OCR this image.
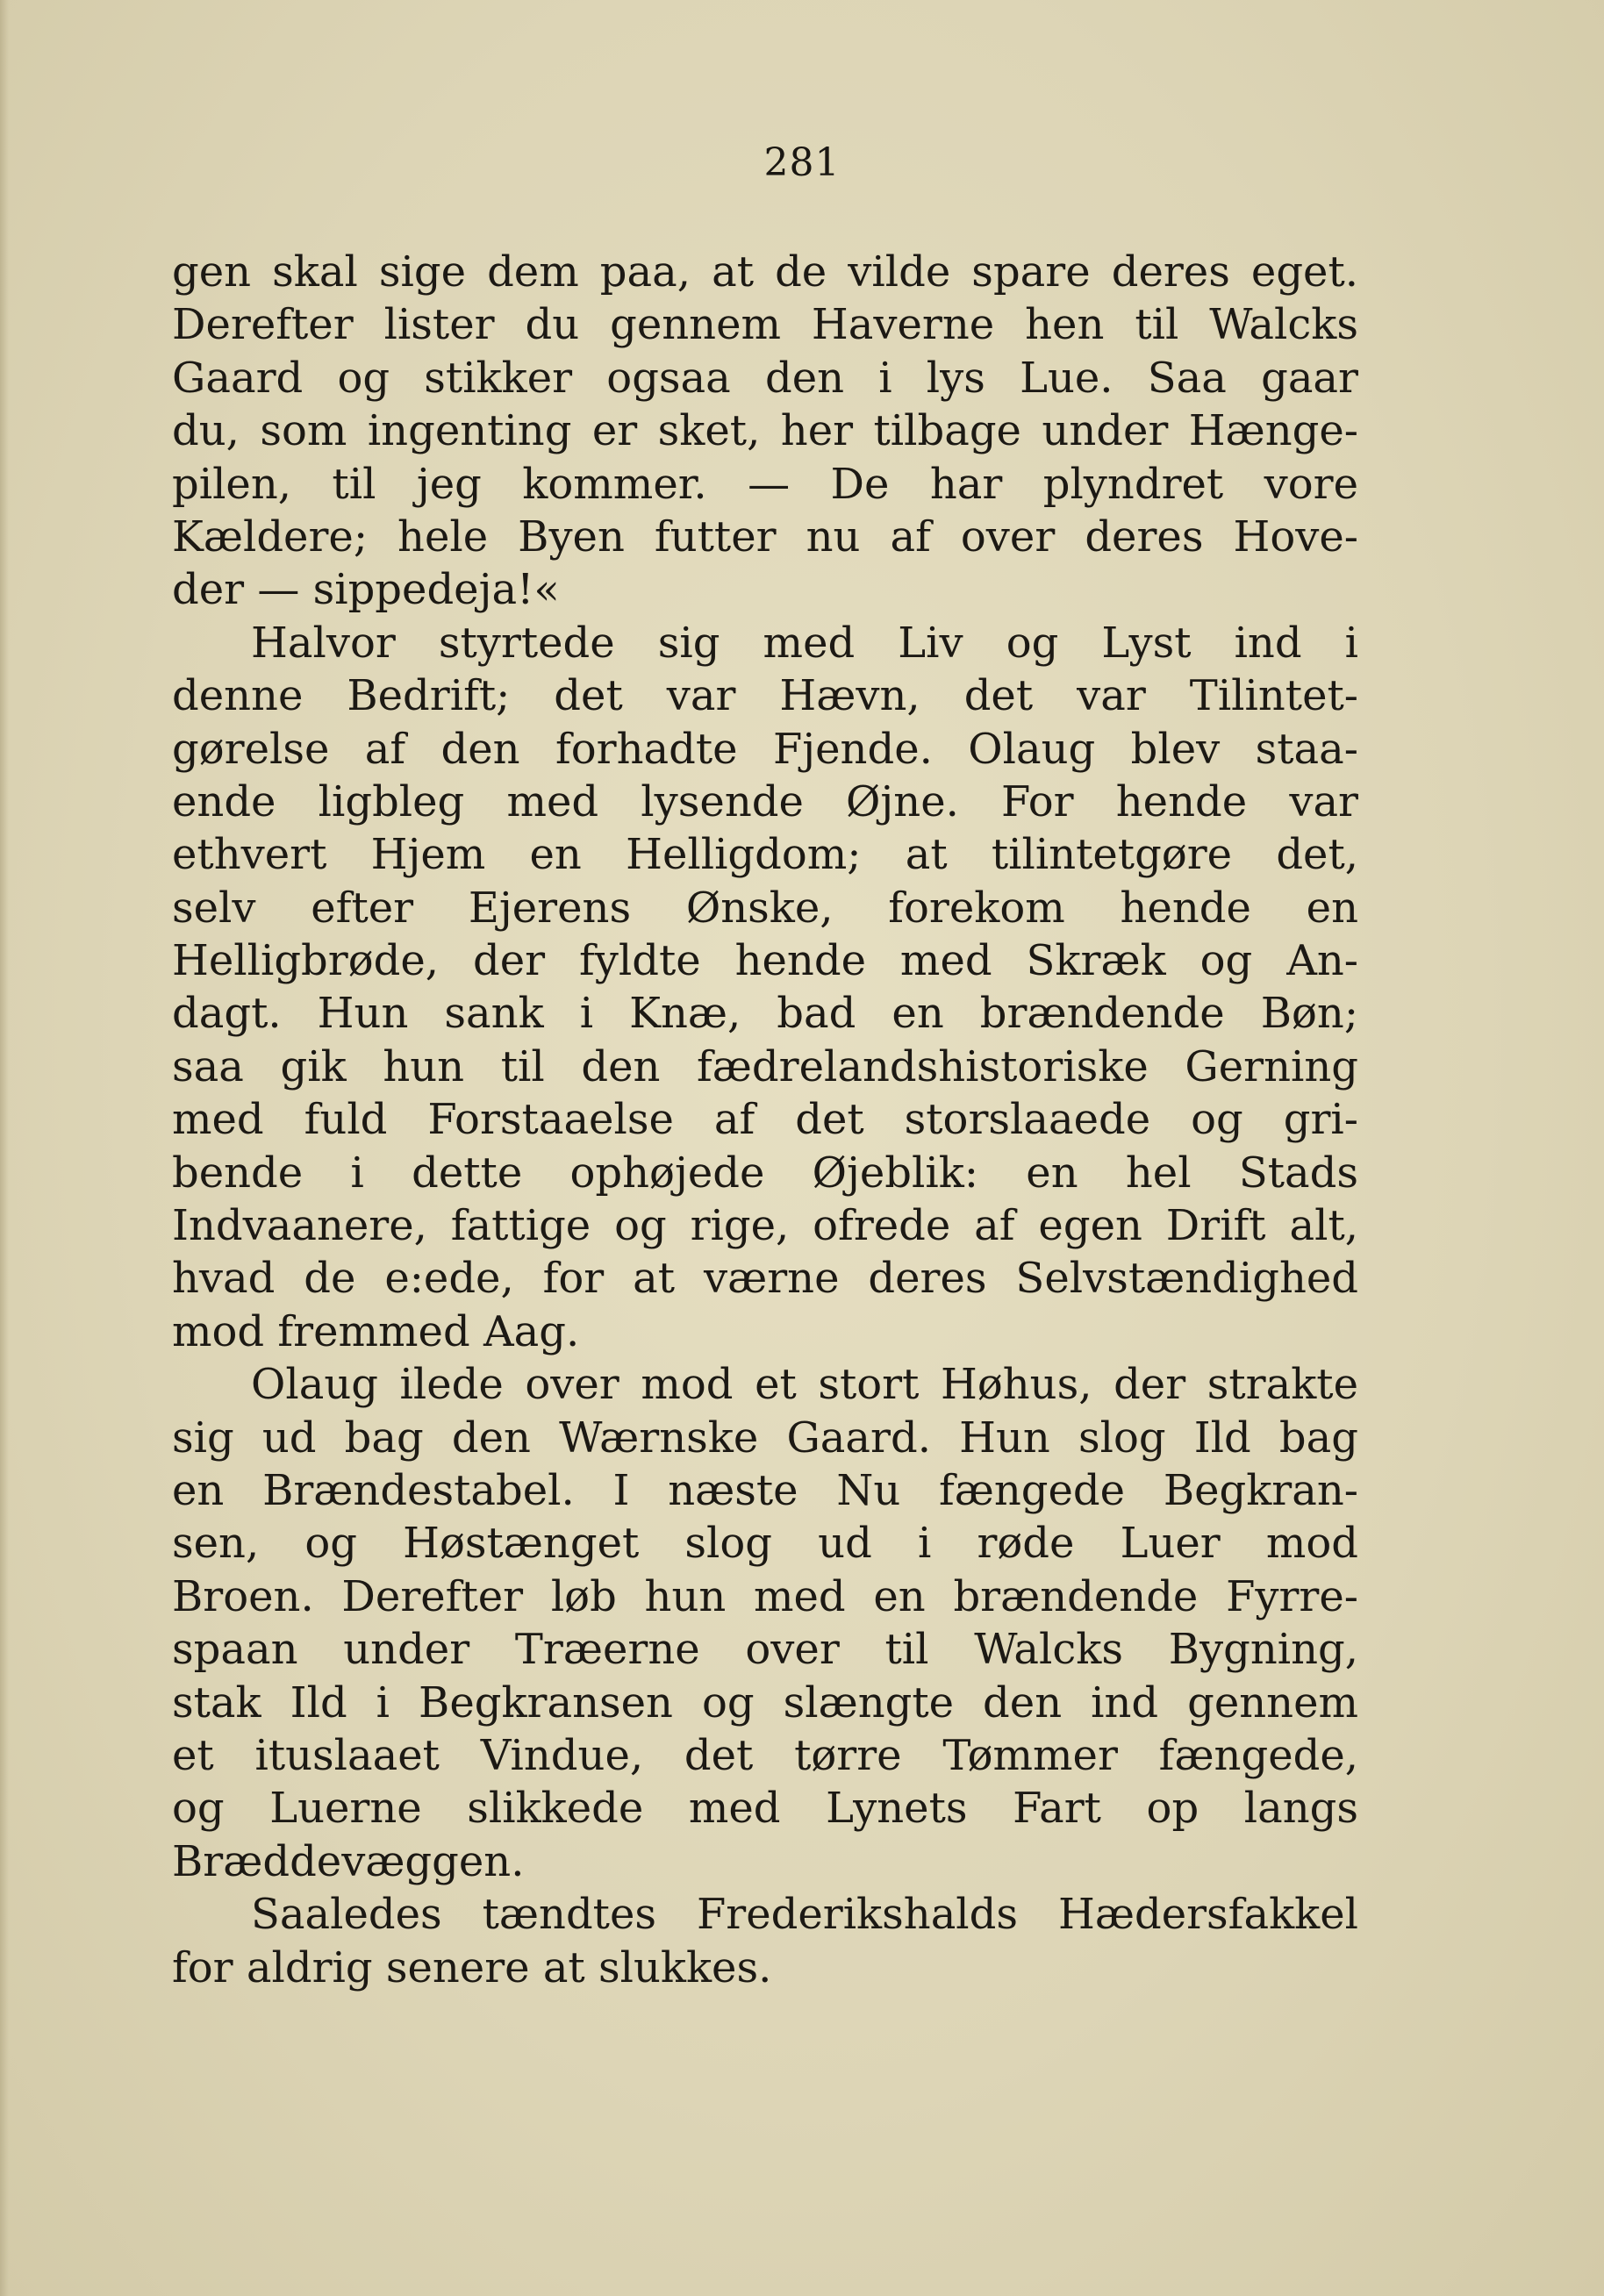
281
gen skal sige dem paa, at de vilde spare deres eget.
Derefter lister du gennem Haverne hen til Walcks
Gaard og stikker ogsaa den i lys Lue. Saa gaar
du, som ingenting er sket, her tilbage under Hænge-
pilen, til jeg kommer. — De har plyndret vore
Kældere; hele Byen futter nu af over deres Hove-
der — sippedeja!«
Halvor styrtede sig med Liv og Lyst ind i
denne Bedrift; det var Hævn, det var Tilintet-
gørelse af den forhadte Fjende. Olaug blev staa-
ende ligbleg med lysende Øjne. For hende var
ethvert Hjem en Helligdom; at tilintetgøre det,
selv efter Ejerens Ønske, forekom hende en
Helligbrøde, der fyldte hende med Skræk og An-
dagt. Hun sank i Knæ, bad en brændende Bøn;
saa gik hun til den fædrelandshistoriske Gerning
med fuld Forstaaelse af det storslaaede og gri-
bende i dette ophøjede Øjeblik: en hel Stads
Indvaanere, fattige og rige, ofrede af egen Drift alt,
hvad de e:ede, for at værne deres Selvstændighed
mod fremmed Aag.
Olaug ilede over mod et stort Høhus, der strakte
sig ud bag den Wærnske Gaard. Hun slog Ild bag
en Brændestabel. I næste Nu fængede Begkran-
sen, og Høstænget slog ud i røde Luer mod
Broen. Derefter løb hun med en brændende Fyrre-
spaan under Træerne over til Walcks Bygning,
stak Ild i Begkransen og slængte den ind gennem
et ituslaaet Vindue, det tørre Tømmer fængede,
og Luerne slikkede med Lynets Fart op langs
Bræddevæggen.
Saaledes tændtes Frederikshalds Hædersfakkel
for aldrig senere at slukkes.
